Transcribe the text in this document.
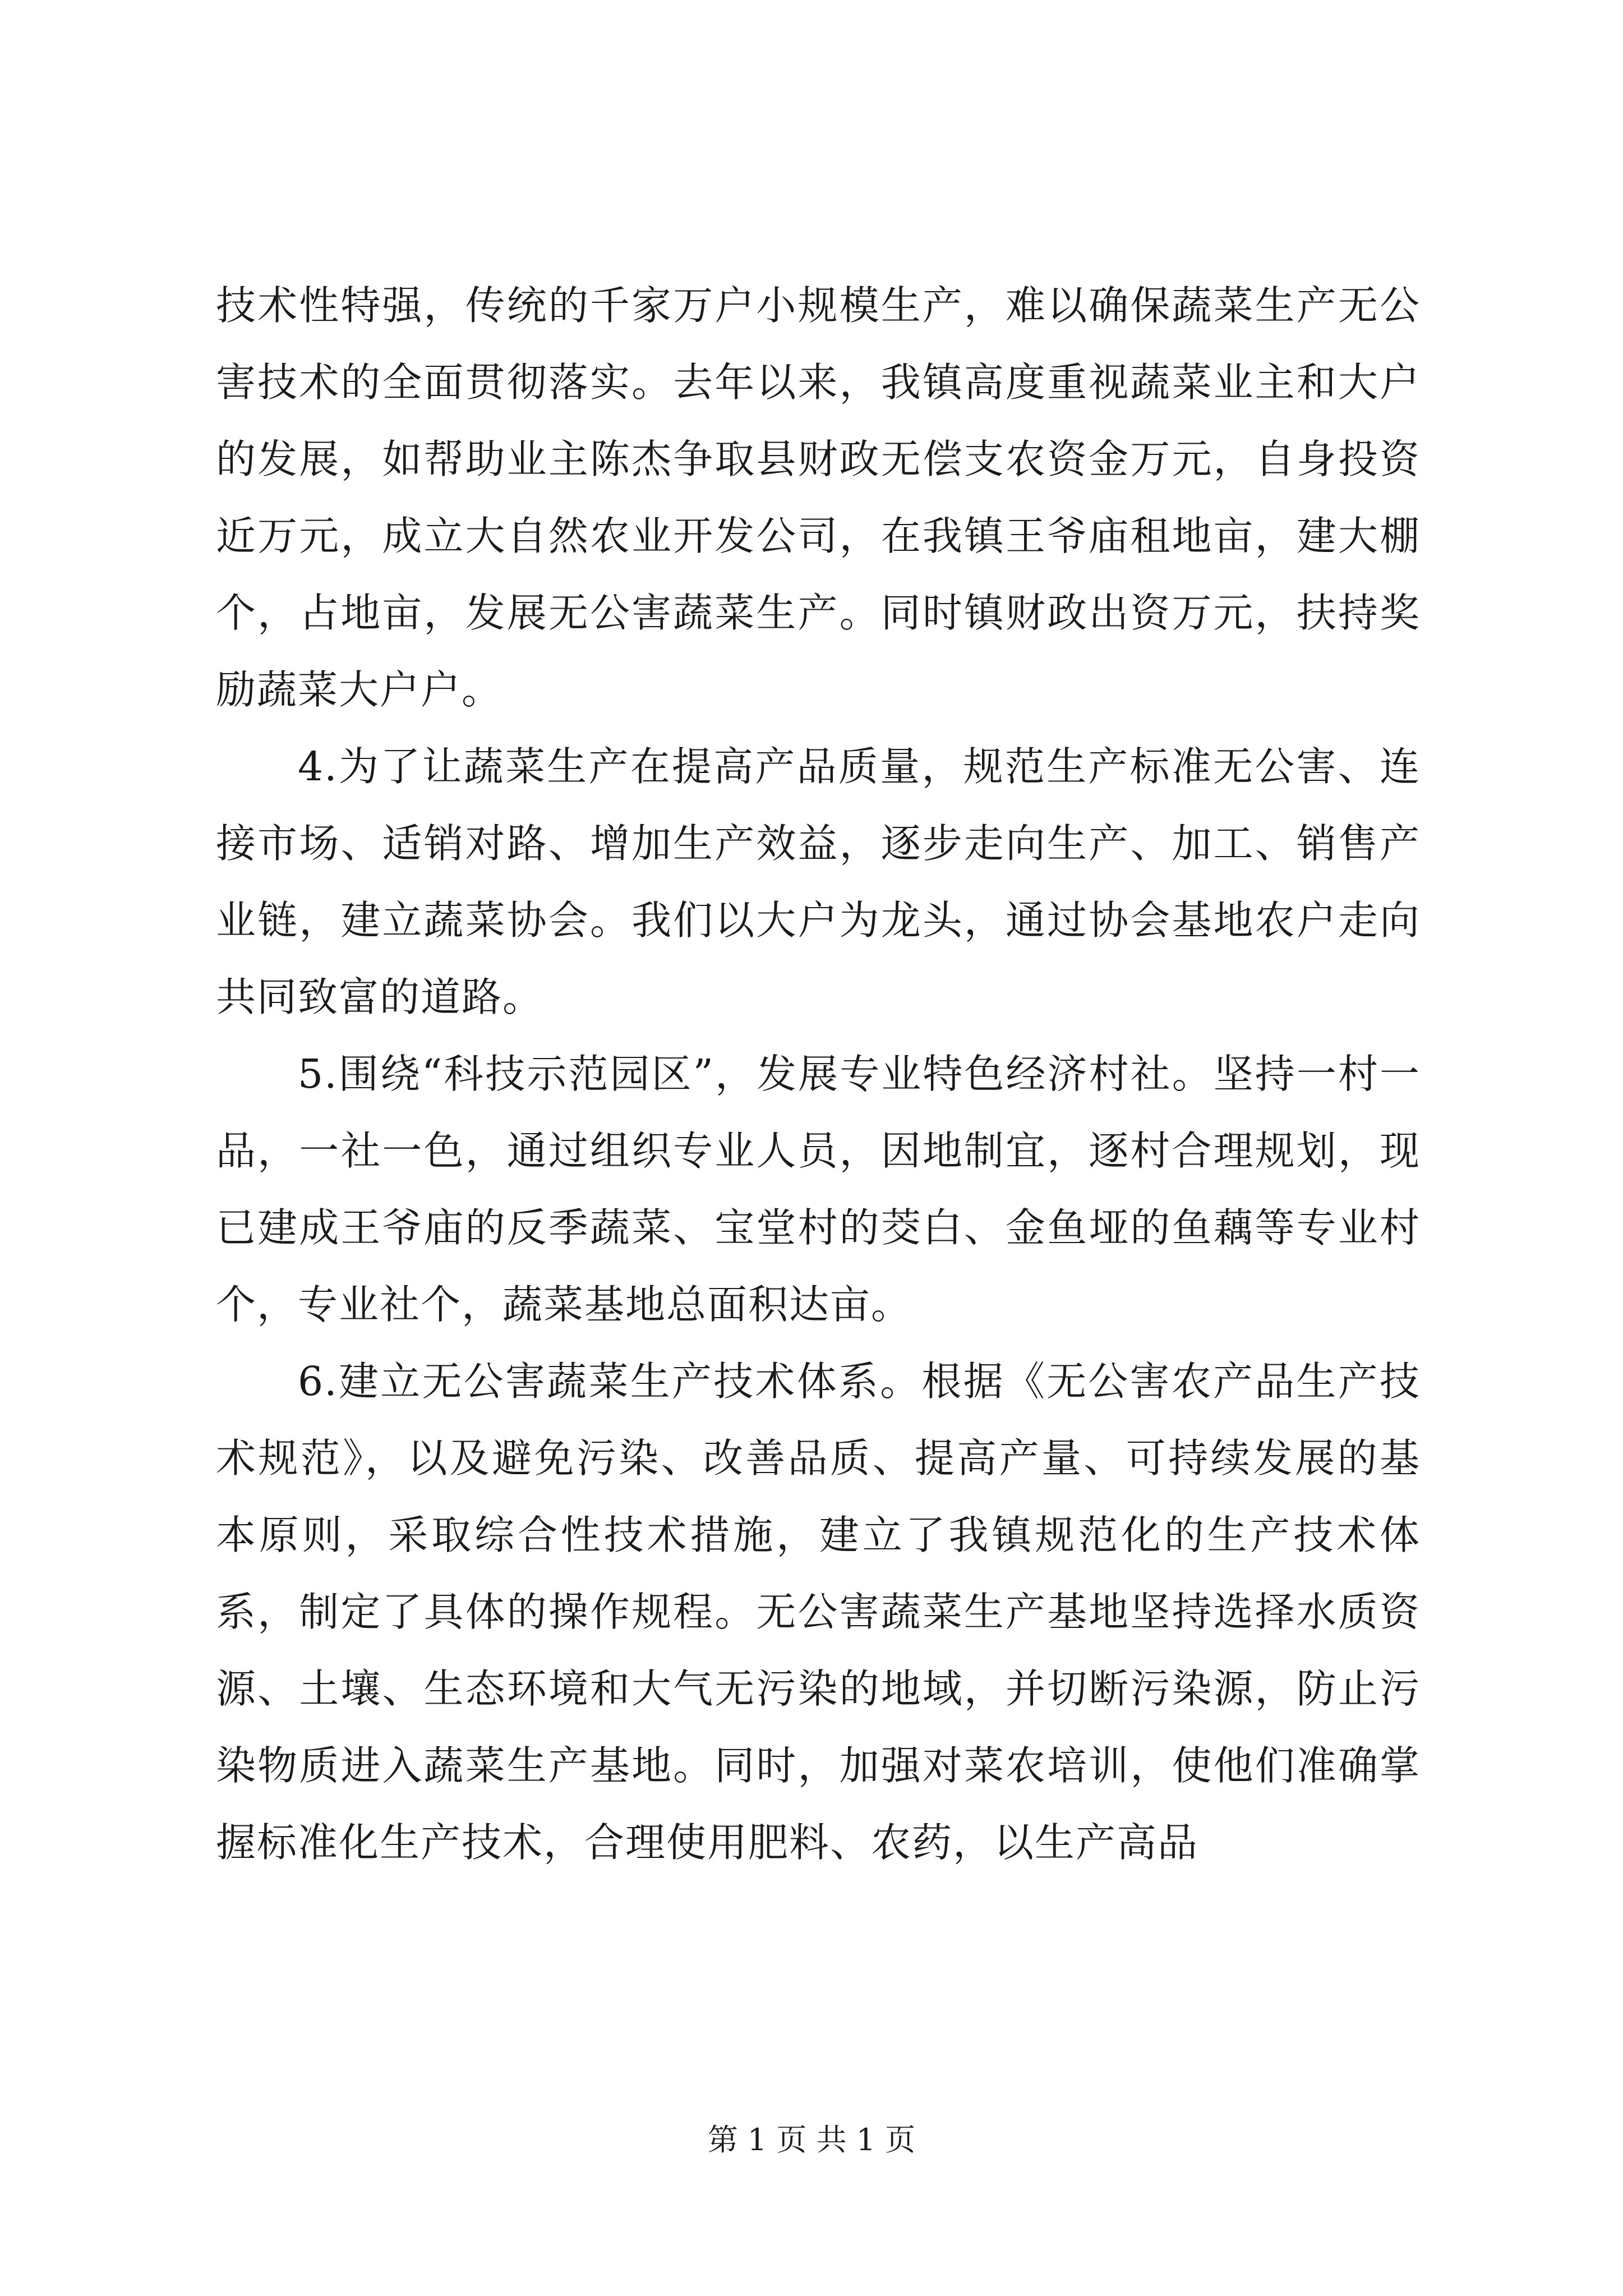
技术性特强，传统的千家万户小规模生产，难以确保蔬菜生产无公害技术的全面贯彻落实。去年以来，我镇高度重视蔬菜业主和大户的发展，如帮助业主陈杰争取县财政无偿支农资金万元，自身投资近万元，成立大自然农业开发公司，在我镇王爷庙租地亩，建大棚个，占地亩，发展无公害蔬菜生产。同时镇财政出资万元，扶持奖励蔬菜大户户。

4.为了让蔬菜生产在提高产品质量，规范生产标准无公害、连接市场、适销对路、增加生产效益，逐步走向生产、加工、销售产业链，建立蔬菜协会。我们以大户为龙头，通过协会基地农户走向共同致富的道路。

5.围绕“科技示范园区”，发展专业特色经济村社。坚持一村一品，一社一色，通过组织专业人员，因地制宜，逐村合理规划，现已建成王爷庙的反季蔬菜、宝堂村的茭白、金鱼垭的鱼藕等专业村个，专业社个，蔬菜基地总面积达亩。

6.建立无公害蔬菜生产技术体系。根据《无公害农产品生产技术规范》，以及避免污染、改善品质、提高产量、可持续发展的基本原则，采取综合性技术措施，建立了我镇规范化的生产技术体系，制定了具体的操作规程。无公害蔬菜生产基地坚持选择水质资源、土壤、生态环境和大气无污染的地域，并切断污染源，防止污染物质进入蔬菜生产基地。同时，加强对菜农培训，使他们准确掌握标准化生产技术，合理使用肥料、农药，以生产高品

第 1 页 共 1 页
